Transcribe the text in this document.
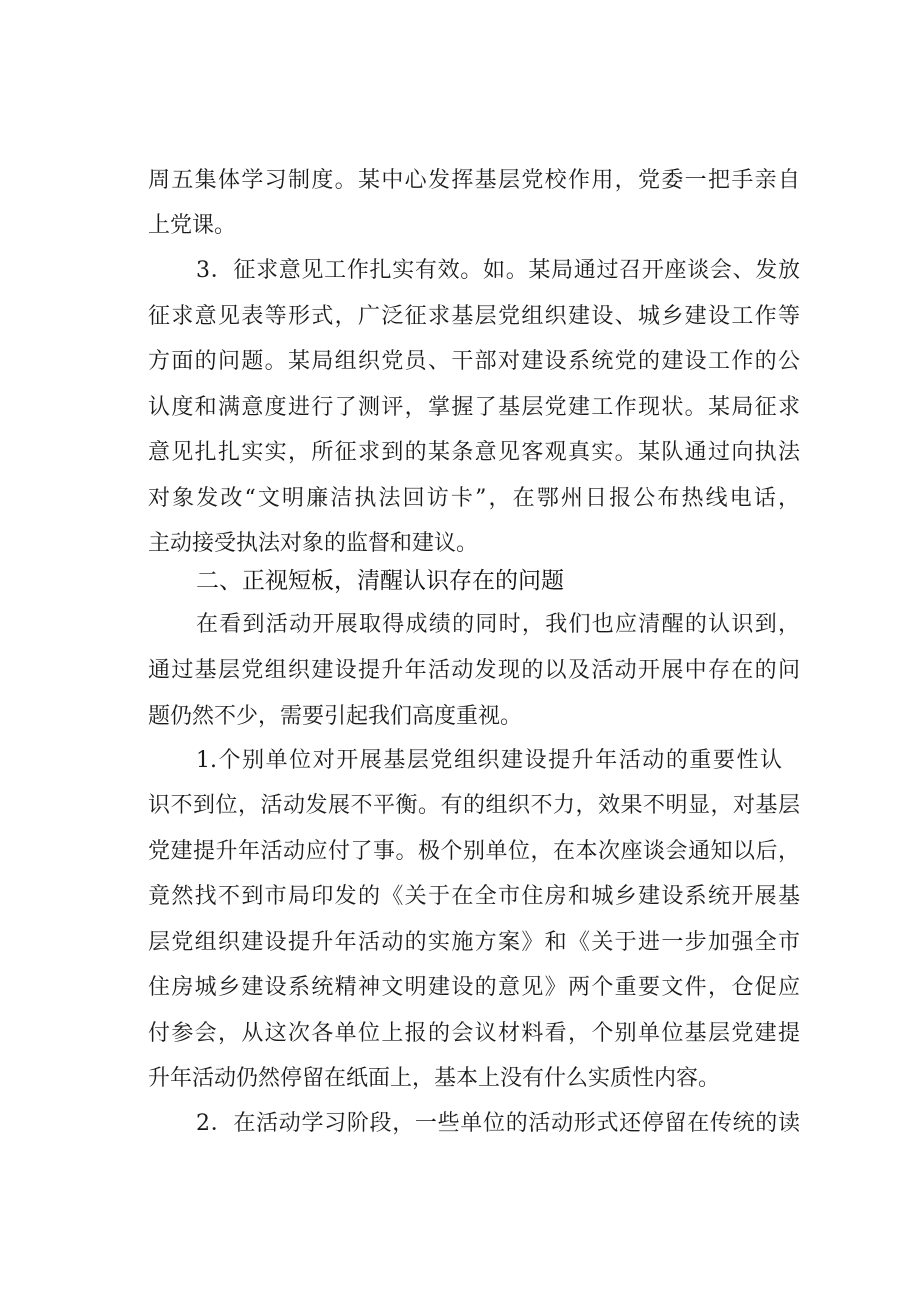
周五集体学习制度。某中心发挥基层党校作用，党委一把手亲自
上党课。
3．征求意见工作扎实有效。如。某局通过召开座谈会、发放
征求意见表等形式，广泛征求基层党组织建设、城乡建设工作等
方面的问题。某局组织党员、干部对建设系统党的建设工作的公
认度和满意度进行了测评，掌握了基层党建工作现状。某局征求
意见扎扎实实，所征求到的某条意见客观真实。某队通过向执法
对象发改“文明廉洁执法回访卡”，在鄂州日报公布热线电话，
主动接受执法对象的监督和建议。
二、正视短板，清醒认识存在的问题
在看到活动开展取得成绩的同时，我们也应清醒的认识到，
通过基层党组织建设提升年活动发现的以及活动开展中存在的问
题仍然不少，需要引起我们高度重视。
1.个别单位对开展基层党组织建设提升年活动的重要性认
识不到位，活动发展不平衡。有的组织不力，效果不明显，对基层
党建提升年活动应付了事。极个别单位，在本次座谈会通知以后，
竟然找不到市局印发的《关于在全市住房和城乡建设系统开展基
层党组织建设提升年活动的实施方案》和《关于进一步加强全市
住房城乡建设系统精神文明建设的意见》两个重要文件，仓促应
付参会，从这次各单位上报的会议材料看，个别单位基层党建提
升年活动仍然停留在纸面上，基本上没有什么实质性内容。
2．在活动学习阶段，一些单位的活动形式还停留在传统的读
